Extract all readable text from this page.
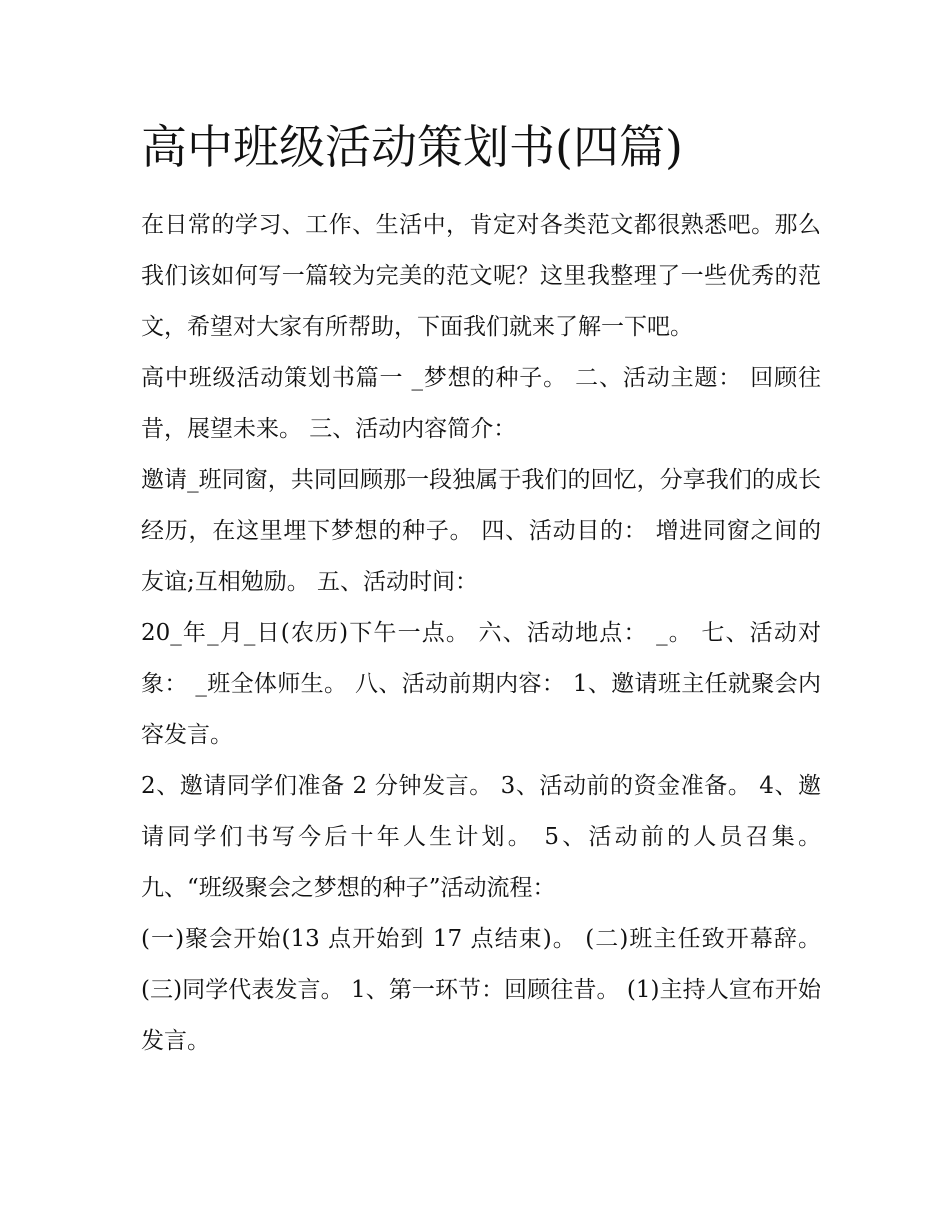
高中班级活动策划书(四篇)

在日常的学习、工作、生活中，肯定对各类范文都很熟悉吧。那么我们该如何写一篇较为完美的范文呢？这里我整理了一些优秀的范文，希望对大家有所帮助，下面我们就来了解一下吧。

高中班级活动策划书篇一 _梦想的种子。 二、活动主题： 回顾往昔，展望未来。 三、活动内容简介：

邀请_班同窗，共同回顾那一段独属于我们的回忆，分享我们的成长经历，在这里埋下梦想的种子。 四、活动目的： 增进同窗之间的友谊;互相勉励。 五、活动时间：

20_年_月_日(农历)下午一点。 六、活动地点： _。 七、活动对象： _班全体师生。 八、活动前期内容： 1、邀请班主任就聚会内容发言。

2、邀请同学们准备 2 分钟发言。 3、活动前的资金准备。 4、邀请同学们书写今后十年人生计划。 5、活动前的人员召集。 九、“班级聚会之梦想的种子”活动流程：

(一)聚会开始(13 点开始到 17 点结束)。 (二)班主任致开幕辞。 (三)同学代表发言。 1、第一环节：回顾往昔。 (1)主持人宣布开始发言。
